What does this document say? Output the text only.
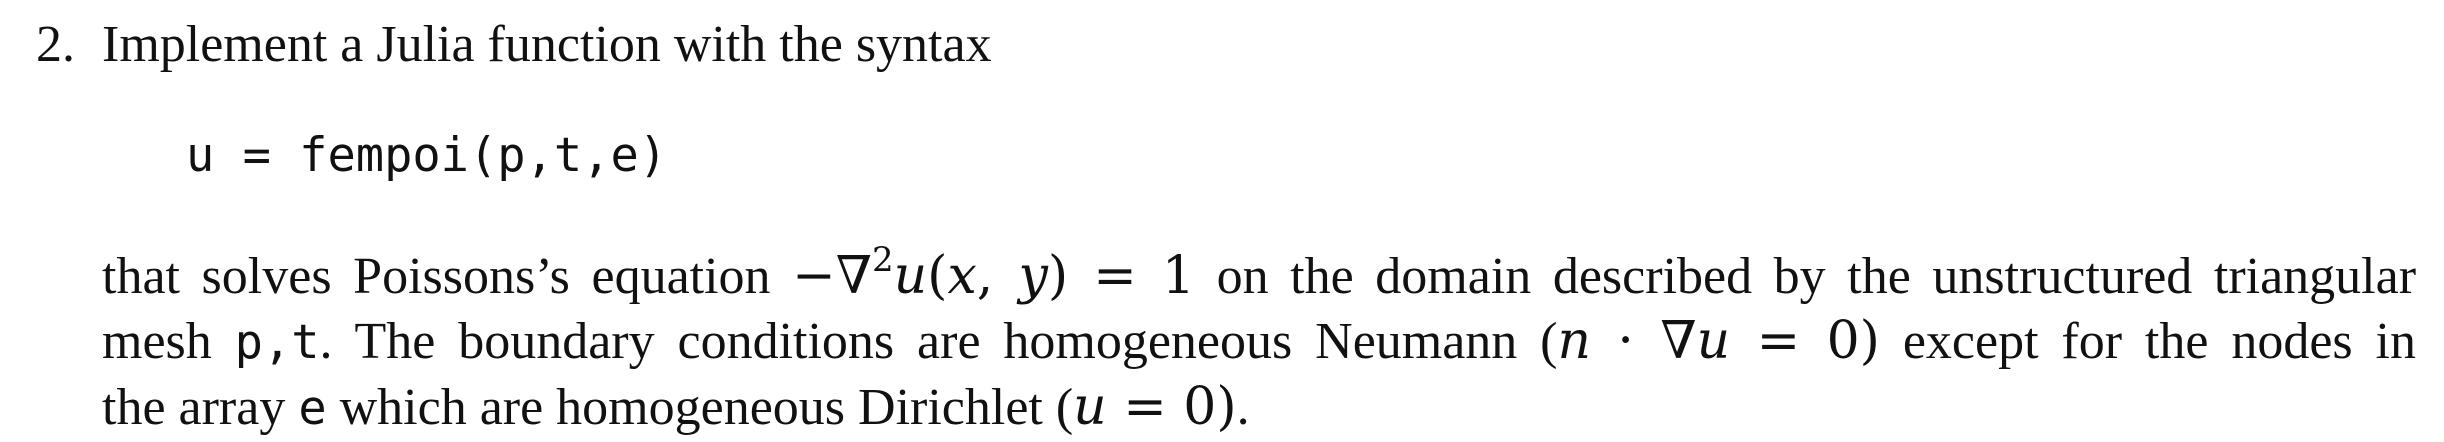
2. Implement a Julia function with the syntax
u = fempoi(p,t,e)
that solves Poissons’s equation −∇$^2$u(x, y) = 1 on the domain described by the unstructured triangular
mesh p,t. The boundary conditions are homogeneous Neumann (n · ∇u = 0) except for the nodes in
the array e which are homogeneous Dirichlet (u = 0).
